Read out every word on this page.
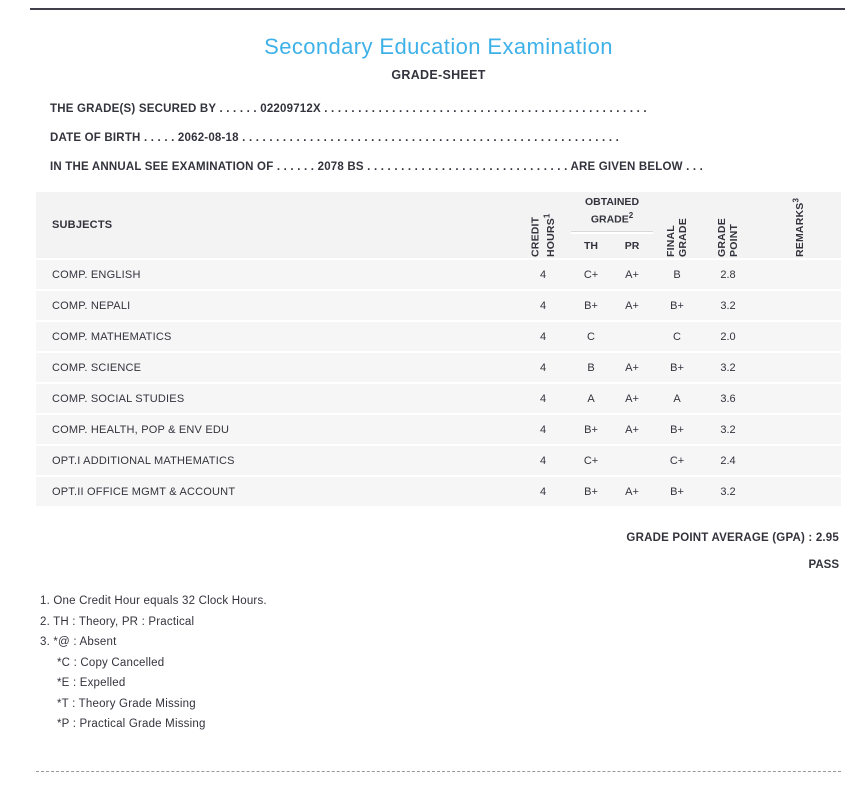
Secondary Education Examination
GRADE-SHEET

THE GRADE(S) SECURED BY . . . . . . 02209712X . . . . . . . . . . . . . . . . . . . . . . . . . . . . . . . . . . . . . . . . . . . . . . . .

DATE OF BIRTH . . . . . 2062-08-18 . . . . . . . . . . . . . . . . . . . . . . . . . . . . . . . . . . . . . . . . . . . . . . . . . . . . . . . .

IN THE ANNUAL SEE EXAMINATION OF . . . . . . 2078 BS . . . . . . . . . . . . . . . . . . . . . . . . . . . . . . ARE GIVEN BELOW . . .

SUBJECTS	CREDIT HOURS$^1$	OBTAINED GRADE$^2$		FINAL GRADE	GRADE POINT	REMARKS$^3$

		TH	PR			
COMP. ENGLISH	4	C+	A+	B	2.8	
COMP. NEPALI	4	B+	A+	B+	3.2	
COMP. MATHEMATICS	4	C		C	2.0	
COMP. SCIENCE	4	B	A+	B+	3.2	
COMP. SOCIAL STUDIES	4	A	A+	A	3.6	
COMP. HEALTH, POP & ENV EDU	4	B+	A+	B+	3.2	
OPT.I ADDITIONAL MATHEMATICS	4	C+		C+	2.4	
OPT.II OFFICE MGMT & ACCOUNT	4	B+	A+	B+	3.2	
GRADE POINT AVERAGE (GPA) : 2.95
PASS
1. One Credit Hour equals 32 Clock Hours.
2. TH : Theory, PR : Practical
3. *@ : Absent
*C : Copy Cancelled
*E : Expelled
*T : Theory Grade Missing
*P : Practical Grade Missing
